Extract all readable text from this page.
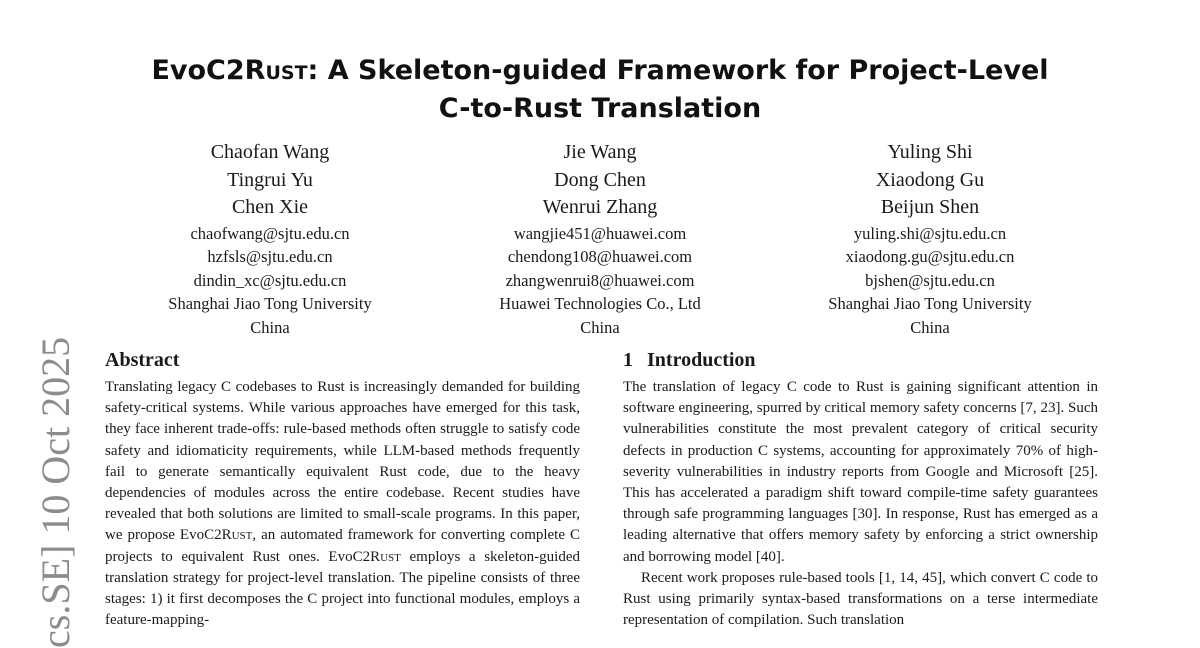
cs.SE] 10 Oct 2025
EvoC2Rust: A Skeleton-guided Framework for Project-Level
C-to-Rust Translation
Chaofan Wang
Tingrui Yu
Chen Xie
chaofwang@sjtu.edu.cn
hzfsls@sjtu.edu.cn
dindin_xc@sjtu.edu.cn
Shanghai Jiao Tong University
China
Jie Wang
Dong Chen
Wenrui Zhang
wangjie451@huawei.com
chendong108@huawei.com
zhangwenrui8@huawei.com
Huawei Technologies Co., Ltd
China
Yuling Shi
Xiaodong Gu
Beijun Shen
yuling.shi@sjtu.edu.cn
xiaodong.gu@sjtu.edu.cn
bjshen@sjtu.edu.cn
Shanghai Jiao Tong University
China
Abstract

Translating legacy C codebases to Rust is increasingly demanded for building safety-critical systems. While various approaches have emerged for this task, they face inherent trade-offs: rule-based methods often struggle to satisfy code safety and idiomaticity requirements, while LLM-based methods frequently fail to generate semantically equivalent Rust code, due to the heavy dependencies of modules across the entire codebase. Recent studies have revealed that both solutions are limited to small-scale programs. In this paper, we propose EvoC2Rust, an automated framework for converting complete C projects to equivalent Rust ones. EvoC2Rust employs a skeleton-guided translation strategy for project-level translation. The pipeline consists of three stages: 1) it first decomposes the C project into functional modules, employs a feature-mapping-

1 Introduction

The translation of legacy C code to Rust is gaining significant attention in software engineering, spurred by critical memory safety concerns [7, 23]. Such vulnerabilities constitute the most prevalent category of critical security defects in production C systems, accounting for approximately 70% of high-severity vulnerabilities in industry reports from Google and Microsoft [25]. This has accelerated a paradigm shift toward compile-time safety guarantees through safe programming languages [30]. In response, Rust has emerged as a leading alternative that offers memory safety by enforcing a strict ownership and borrowing model [40].

Recent work proposes rule-based tools [1, 14, 45], which convert C code to Rust using primarily syntax-based transformations on a terse intermediate representation of compilation. Such translation
